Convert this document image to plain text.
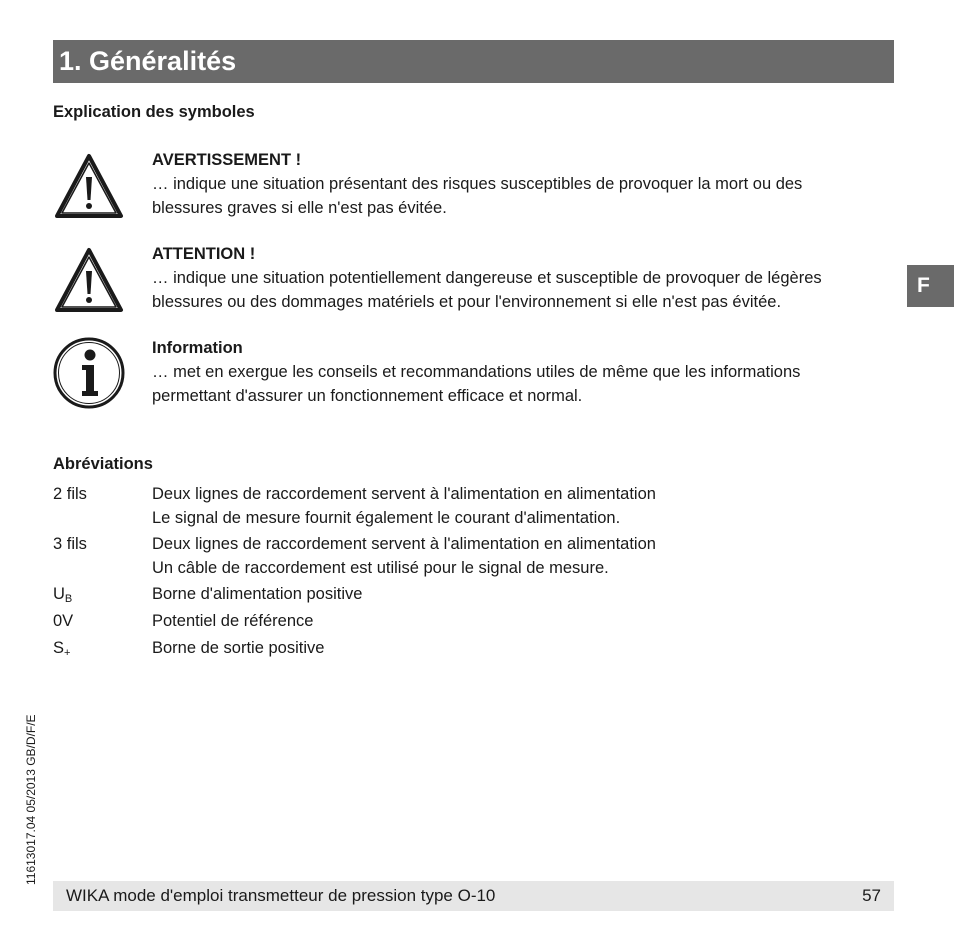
1. Généralités
Explication des symboles
AVERTISSEMENT !
… indique une situation présentant des risques susceptibles de provoquer la mort ou des
blessures graves si elle n'est pas évitée.
ATTENTION !
… indique une situation potentiellement dangereuse et susceptible de provoquer de légères
blessures ou des dommages matériels et pour l'environnement si elle n'est pas évitée.
Information
… met en exergue les conseils et recommandations utiles de même que les informations
permettant d'assurer un fonctionnement efficace et normal.
Abréviations
2 fils	Deux lignes de raccordement servent à l'alimentation en alimentation
Le signal de mesure fournit également le courant d'alimentation.
3 fils	Deux lignes de raccordement servent à l'alimentation en alimentation
Un câble de raccordement est utilisé pour le signal de mesure.
$U_B$	Borne d'alimentation positive
0V	Potentiel de référence
$S_+$	Borne de sortie positive
F
11613017.04 05/2013 GB/D/F/E
WIKA mode d'emploi transmetteur de pression type O-10	57
